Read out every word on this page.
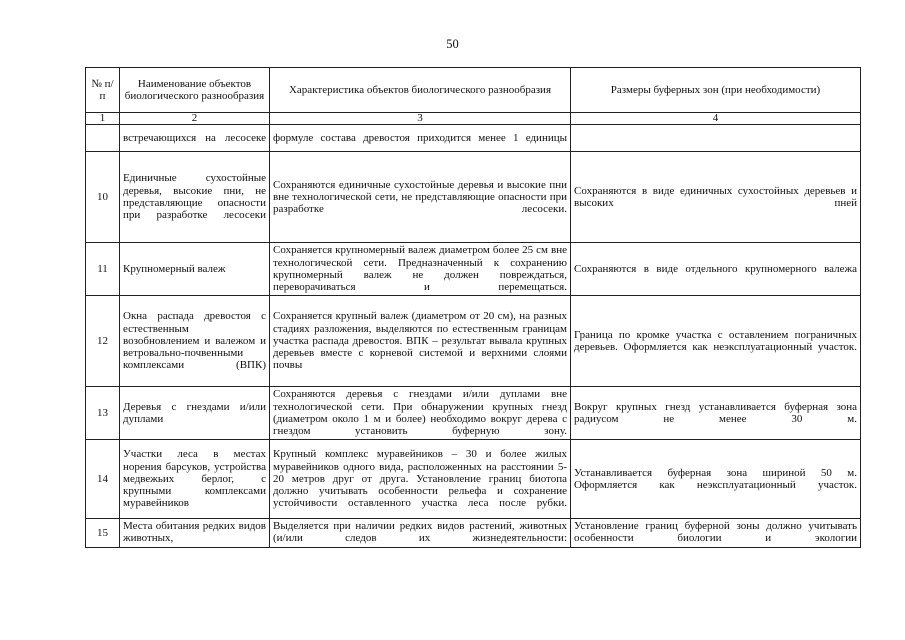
50
№ п/п	Наименование объектов биологического разнообразия	Характеристика объектов биологического разнообразия	Размеры буферных зон (при необходимости)
1	2	3	4
	встречающихся на лесосеке	формуле состава древостоя приходится менее 1 единицы	
10	Единичные сухостойные деревья, высокие пни, не представляющие опасности при разработке лесосеки	Сохраняются единичные сухостойные деревья и высокие пни вне технологической сети, не представляющие опасности при разработке лесосеки.	Сохраняются в виде единичных сухостойных деревьев и высоких пней
11	Крупномерный валеж	Сохраняется крупномерный валеж диаметром более 25 см вне технологической сети. Предназначенный к сохранению крупномерный валеж не должен повреждаться, переворачиваться и перемещаться.	Сохраняются в виде отдельного крупномерного валежа
12	Окна распада древостоя с естественным возобновлением и валежом и ветровально-почвенными комплексами (ВПК)	Сохраняется крупный валеж (диаметром от 20 см), на разных стадиях разложения, выделяются по естественным границам участка распада древостоя. ВПК – результат вывала крупных деревьев вместе с корневой системой и верхними слоями почвы	Граница по кромке участка с оставлением пограничных деревьев. Оформляется как неэксплуатационный участок.
13	Деревья с гнездами и/или дуплами	Сохраняются деревья с гнездами и/или дуплами вне технологической сети. При обнаружении крупных гнезд (диаметром около 1 м и более) необходимо вокруг дерева с гнездом установить буферную зону.	Вокруг крупных гнезд устанавливается буферная зона радиусом не менее 30 м.
14	Участки леса в местах норения барсуков, устройства медвежьих берлог, с крупными комплексами муравейников	Крупный комплекс муравейников – 30 и более жилых муравейников одного вида, расположенных на расстоянии 5-20 метров друг от друга. Установление границ биотопа должно учитывать особенности рельефа и сохранение устойчивости оставленного участка леса после рубки.	Устанавливается буферная зона шириной 50 м. Оформляется как неэксплуатационный участок.
15	Места обитания редких видов животных,	Выделяется при наличии редких видов растений, животных (и/или следов их жизнедеятельности:	Установление границ буферной зоны должно учитывать особенности биологии и экологии
